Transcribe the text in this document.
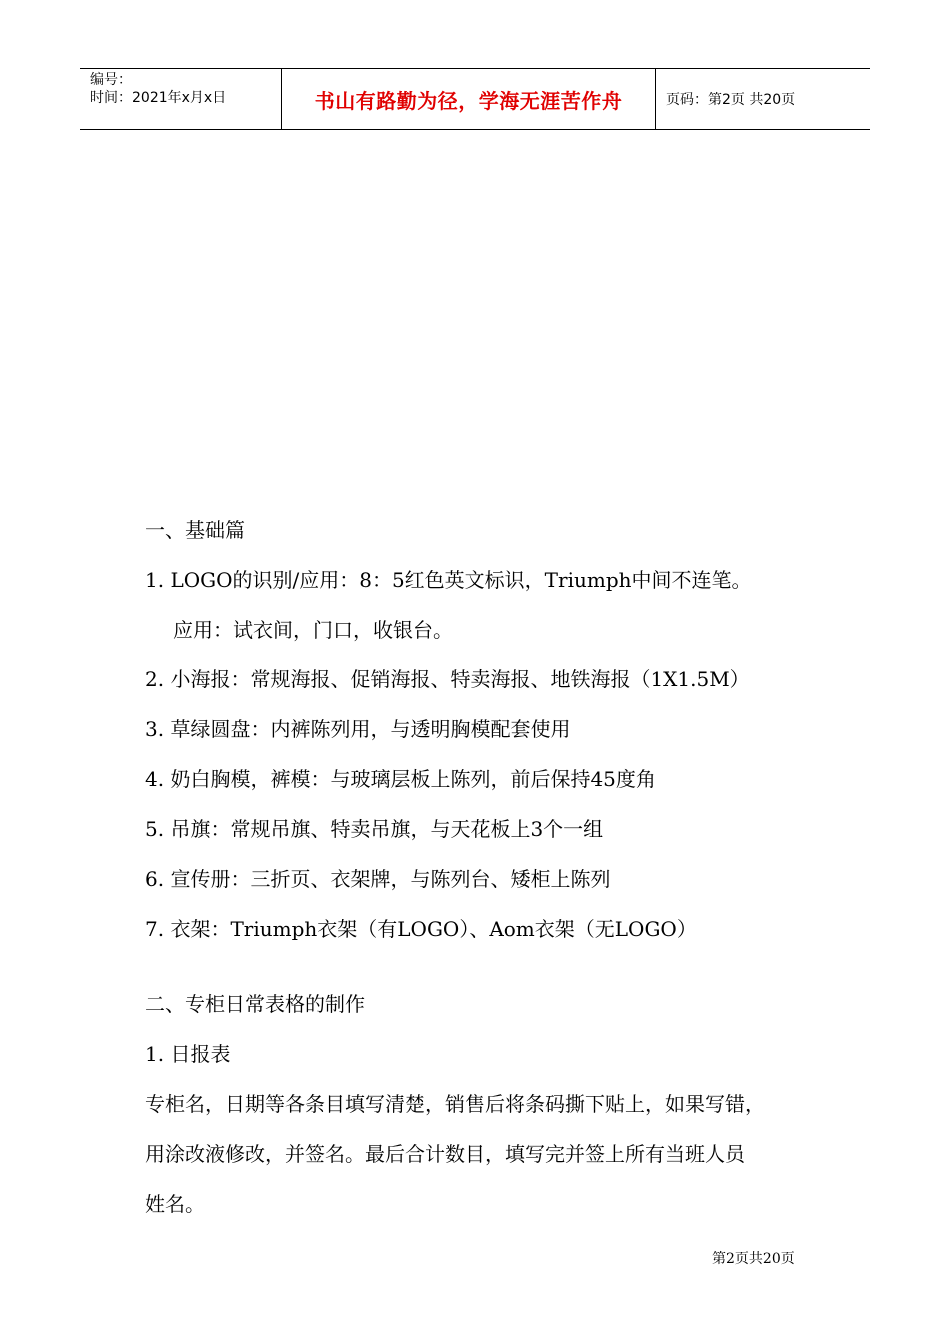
编号：
时间：2021年x月x日	书山有路勤为径，学海无涯苦作舟	页码：第2页 共20页
一、基础篇
1. LOGO的识别/应用：8：5红色英文标识，Triumph中间不连笔。
应用：试衣间，门口，收银台。
2. 小海报：常规海报、促销海报、特卖海报、地铁海报（1X1.5M）
3. 草绿圆盘：内裤陈列用，与透明胸模配套使用
4. 奶白胸模，裤模：与玻璃层板上陈列，前后保持45度角
5. 吊旗：常规吊旗、特卖吊旗，与天花板上3个一组
6. 宣传册：三折页、衣架牌，与陈列台、矮柜上陈列
7. 衣架：Triumph衣架（有LOGO）、Aom衣架（无LOGO）
二、专柜日常表格的制作
1. 日报表
专柜名，日期等各条目填写清楚，销售后将条码撕下贴上，如果写错，
用涂改液修改，并签名。最后合计数目，填写完并签上所有当班人员
姓名。
第2页共20页
